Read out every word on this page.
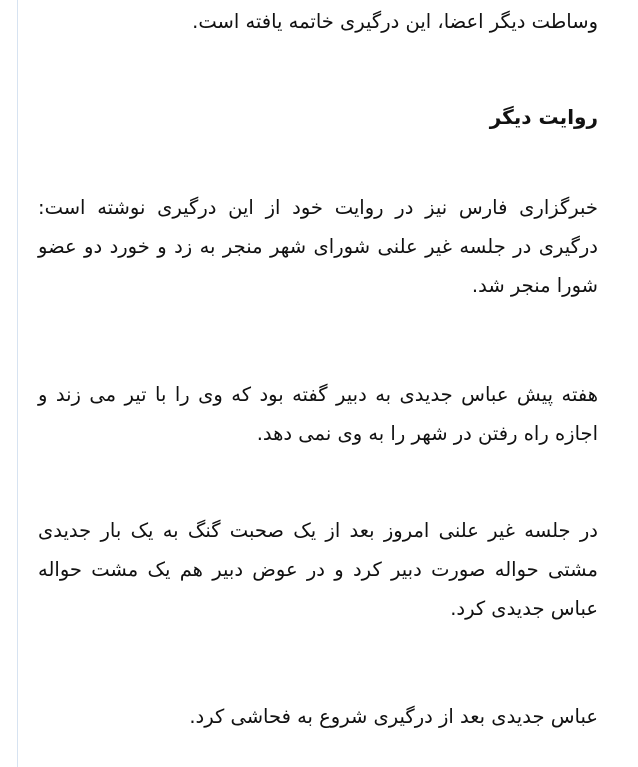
وساطت دیگر اعضا، این درگیری خاتمه یافته است.

روایت دیگر

خبرگزاری فارس نیز در روایت خود از این درگیری نوشته است: درگیری در جلسه غیر علنی شورای شهر منجر به زد و خورد دو عضو شورا منجر شد.

هفته پیش عباس جدیدی به دبیر گفته بود که وی را با تیر می زند و اجازه راه رفتن در شهر را به وی نمی دهد.

در جلسه غیر علنی امروز بعد از یک صحبت گنگ به یک بار جدیدی مشتی حواله صورت دبیر کرد و در عوض دبیر هم یک مشت حواله عباس جدیدی کرد.

عباس جدیدی بعد از درگیری شروع به فحاشی کرد.
